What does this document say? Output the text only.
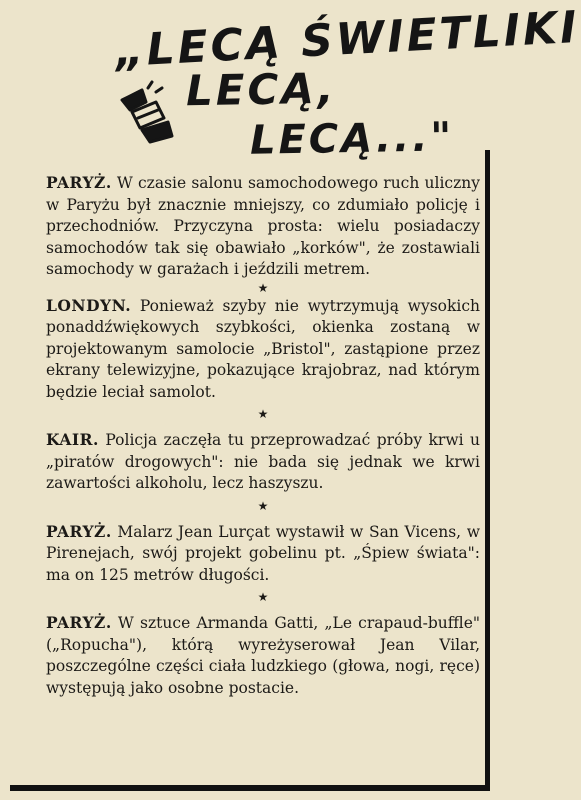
„LECĄ ŚWIETLIKI
LECĄ,
LECĄ..."

PARYŻ. W czasie salonu samochodowego ruch uliczny w Paryżu był znacznie mniejszy, co zdumiało policję i przechodniów. Przyczyna prosta: wielu posiadaczy samochodów tak się obawiało „korków", że zostawiali samochody w garażach i jeździli metrem.

★

LONDYN. Ponieważ szyby nie wytrzymują wysokich ponaddźwiękowych szybkości, okienka zostaną w projektowanym samolocie „Bristol", zastąpione przez ekrany telewizyjne, pokazujące krajobraz, nad którym będzie leciał samolot.

★

KAIR. Policja zaczęła tu przeprowadzać próby krwi u „piratów drogowych": nie bada się jednak we krwi zawartości alkoholu, lecz haszyszu.

★

PARYŻ. Malarz Jean Lurçat wystawił w San Vicens, w Pirenejach, swój projekt gobelinu pt. „Śpiew świata": ma on 125 metrów długości.

★

PARYŻ. W sztuce Armanda Gatti, „Le crapaud-buffle" („Ropucha"), którą wyreżyserował Jean Vilar, poszczególne części ciała ludzkiego (głowa, nogi, ręce) występują jako osobne postacie.
